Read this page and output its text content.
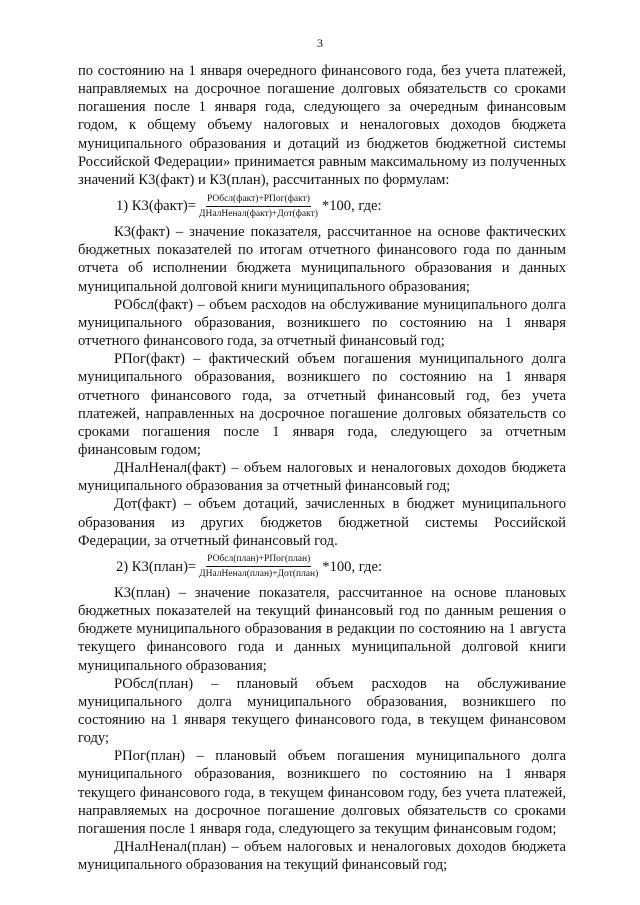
3

по состоянию на 1 января очередного финансового года, без учета платежей, направляемых на досрочное погашение долговых обязательств со сроками погашения после 1 января года, следующего за очередным финансовым годом, к общему объему налоговых и неналоговых доходов бюджета муниципального образования и дотаций из бюджетов бюджетной системы Российской Федерации» принимается равным максимальному из полученных значений К3(факт) и К3(план), рассчитанных по формулам:

1) К3(факт)= $\frac{\text{РОбсл(факт)+РПог(факт)}}{\text{ДНалНенал(факт)+Дот(факт)}} *100$, где:

К3(факт) – значение показателя, рассчитанное на основе фактических бюджетных показателей по итогам отчетного финансового года по данным отчета об исполнении бюджета муниципального образования и данных муниципальной долговой книги муниципального образования;

РОбсл(факт) – объем расходов на обслуживание муниципального долга муниципального образования, возникшего по состоянию на 1 января отчетного финансового года, за отчетный финансовый год;

РПог(факт) – фактический объем погашения муниципального долга муниципального образования, возникшего по состоянию на 1 января отчетного финансового года, за отчетный финансовый год, без учета платежей, направленных на досрочное погашение долговых обязательств со сроками погашения после 1 января года, следующего за отчетным финансовым годом;

ДНалНенал(факт) – объем налоговых и неналоговых доходов бюджета муниципального образования за отчетный финансовый год;

Дот(факт) – объем дотаций, зачисленных в бюджет муниципального образования из других бюджетов бюджетной системы Российской Федерации, за отчетный финансовый год.

2) К3(план)= $\frac{\text{РОбсл(план)+РПог(план)}}{\text{ДНалНенал(план)+Дот(план)}} *100$, где:

К3(план) – значение показателя, рассчитанное на основе плановых бюджетных показателей на текущий финансовый год по данным решения о бюджете муниципального образования в редакции по состоянию на 1 августа текущего финансового года и данных муниципальной долговой книги муниципального образования;

РОбсл(план) – плановый объем расходов на обслуживание муниципального долга муниципального образования, возникшего по состоянию на 1 января текущего финансового года, в текущем финансовом году;

РПог(план) – плановый объем погашения муниципального долга муниципального образования, возникшего по состоянию на 1 января текущего финансового года, в текущем финансовом году, без учета платежей, направляемых на досрочное погашение долговых обязательств со сроками погашения после 1 января года, следующего за текущим финансовым годом;

ДНалНенал(план) – объем налоговых и неналоговых доходов бюджета муниципального образования на текущий финансовый год;
